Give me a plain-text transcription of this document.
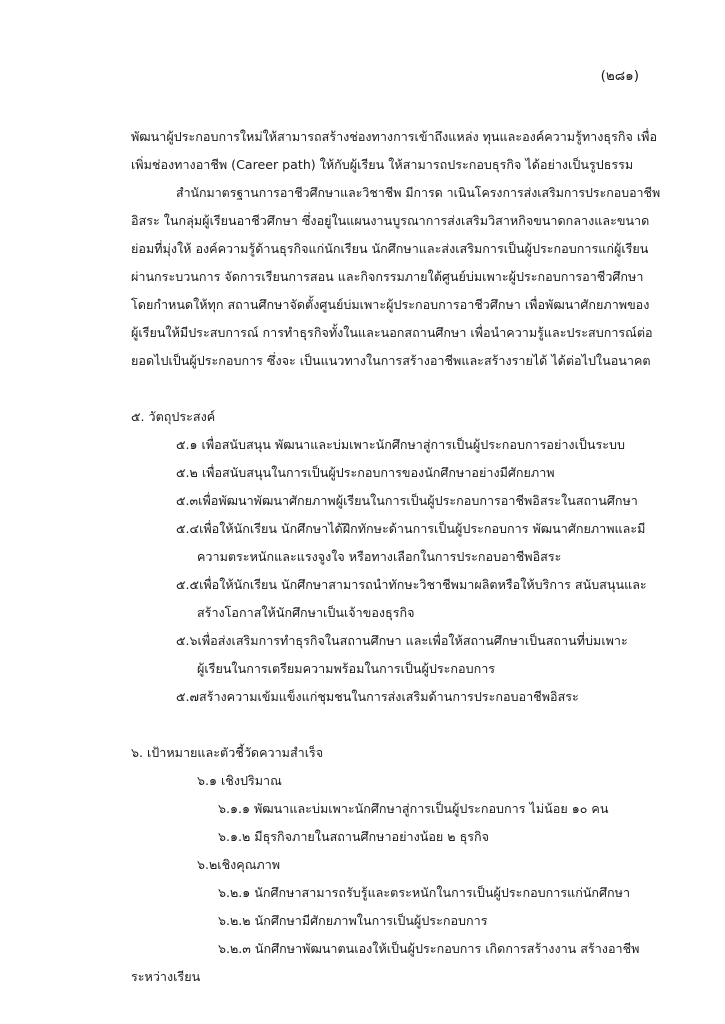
(๒๘๑)
พัฒนาผู้ประกอบการใหม่ให้สามารถสร้างช่องทางการเข้าถึงแหล่ง ทุนและองค์ความรู้ทางธุรกิจ เพื่อ
เพิ่มช่องทางอาชีพ (Career path) ให้กับผู้เรียน ให้สามารถประกอบธุรกิจ ได้อย่างเป็นรูปธรรม
สำนักมาตรฐานการอาชีวศึกษาและวิชาชีพ มีการด าเนินโครงการส่งเสริมการประกอบอาชีพ
อิสระ ในกลุ่มผู้เรียนอาชีวศึกษา ซึ่งอยู่ในแผนงานบูรณาการส่งเสริมวิสาหกิจขนาดกลางและขนาด
ย่อมที่มุ่งให้ องค์ความรู้ด้านธุรกิจแก่นักเรียน นักศึกษาและส่งเสริมการเป็นผู้ประกอบการแก่ผู้เรียน
ผ่านกระบวนการ จัดการเรียนการสอน และกิจกรรมภายใต้ศูนย์บ่มเพาะผู้ประกอบการอาชีวศึกษา
โดยกำหนดให้ทุก สถานศึกษาจัดตั้งศูนย์บ่มเพาะผู้ประกอบการอาชีวศึกษา เพื่อพัฒนาศักยภาพของ
ผู้เรียนให้มีประสบการณ์ การทำธุรกิจทั้งในและนอกสถานศึกษา เพื่อนำความรู้และประสบการณ์ต่อ
ยอดไปเป็นผู้ประกอบการ ซึ่งจะ เป็นแนวทางในการสร้างอาชีพและสร้างรายได้ ได้ต่อไปในอนาคต
๕. วัตถุประสงค์
๕.๑ เพื่อสนับสนุน พัฒนาและบ่มเพาะนักศึกษาสู่การเป็นผู้ประกอบการอย่างเป็นระบบ
๕.๒ เพื่อสนับสนุนในการเป็นผู้ประกอบการของนักศึกษาอย่างมีศักยภาพ
๕.๓เพื่อพัฒนาพัฒนาศักยภาพผู้เรียนในการเป็นผู้ประกอบการอาชีพอิสระในสถานศึกษา
๕.๔เพื่อให้นักเรียน นักศึกษาได้ฝึกทักษะด้านการเป็นผู้ประกอบการ พัฒนาศักยภาพและมี
ความตระหนักและแรงจูงใจ หรือทางเลือกในการประกอบอาชีพอิสระ
๕.๕เพื่อให้นักเรียน นักศึกษาสามารถนำทักษะวิชาชีพมาผลิตหรือให้บริการ สนับสนุนและ
สร้างโอกาสให้นักศึกษาเป็นเจ้าของธุรกิจ
๕.๖เพื่อส่งเสริมการทำธุรกิจในสถานศึกษา และเพื่อให้สถานศึกษาเป็นสถานที่บ่มเพาะ
ผู้เรียนในการเตรียมความพร้อมในการเป็นผู้ประกอบการ
๕.๗สร้างความเข้มแข็งแก่ชุมชนในการส่งเสริมด้านการประกอบอาชีพอิสระ
๖. เป้าหมายและตัวชี้วัดความสำเร็จ
๖.๑ เชิงปริมาณ
๖.๑.๑ พัฒนาและบ่มเพาะนักศึกษาสู่การเป็นผู้ประกอบการ ไม่น้อย ๑๐ คน
๖.๑.๒ มีธุรกิจภายในสถานศึกษาอย่างน้อย ๒ ธุรกิจ
๖.๒เชิงคุณภาพ
๖.๒.๑ นักศึกษาสามารถรับรู้และตระหนักในการเป็นผู้ประกอบการแก่นักศึกษา
๖.๒.๒ นักศึกษามีศักยภาพในการเป็นผู้ประกอบการ
๖.๒.๓ นักศึกษาพัฒนาตนเองให้เป็นผู้ประกอบการ เกิดการสร้างงาน สร้างอาชีพ
ระหว่างเรียน
